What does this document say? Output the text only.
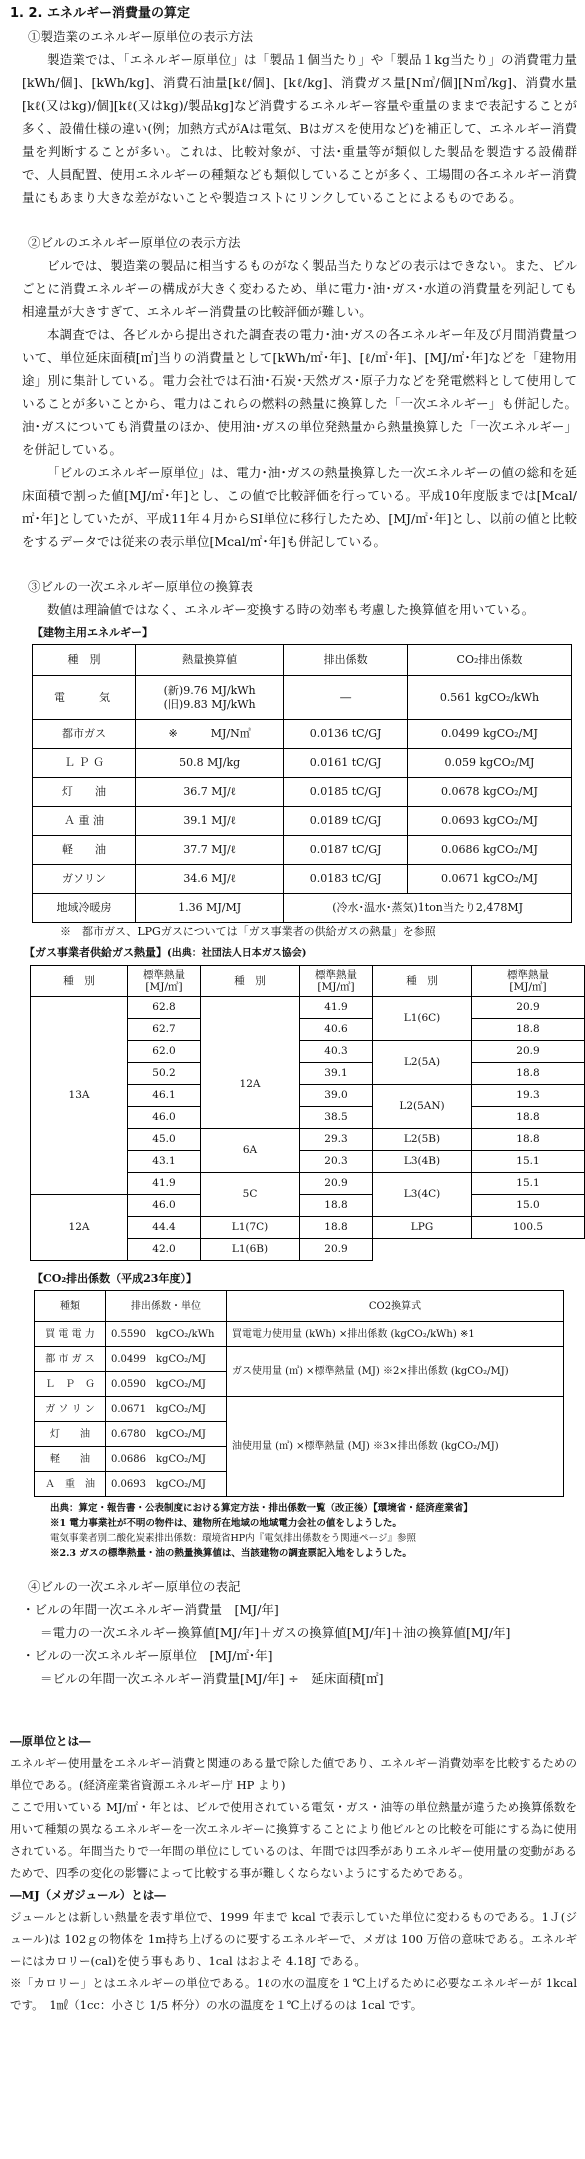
1. 2. エネルギー消費量の算定

①製造業のエネルギー原単位の表示方法

製造業では、「エネルギー原単位」は「製品１個当たり」や「製品１kg当たり」の消費電力量[kWh/個]、[kWh/kg]、消費石油量[kℓ/個]、[kℓ/kg]、消費ガス量[N㎥/個][N㎥/kg]、消費水量[kℓ(又はkg)/個][kℓ(又はkg)/製品kg]など消費するエネルギー容量や重量のままで表記することが多く、設備仕様の違い(例；加熱方式がAは電気、Bはガスを使用など)を補正して、エネルギー消費量を判断することが多い。これは、比較対象が、寸法･重量等が類似した製品を製造する設備群で、人員配置、使用エネルギーの種類なども類似していることが多く、工場間の各エネルギー消費量にもあまり大きな差がないことや製造コストにリンクしていることによるものである。

②ビルのエネルギー原単位の表示方法

ビルでは、製造業の製品に相当するものがなく製品当たりなどの表示はできない。また、ビルごとに消費エネルギーの構成が大きく変わるため、単に電力･油･ガス･水道の消費量を列記しても相違量が大きすぎて、エネルギー消費量の比較評価が難しい。

本調査では、各ビルから提出された調査表の電力･油･ガスの各エネルギー年及び月間消費量ついて、単位延床面積[㎡]当りの消費量として[kWh/㎡･年]、[ℓ/㎡･年]、[MJ/㎡･年]などを「建物用途」別に集計している。電力会社では石油･石炭･天然ガス･原子力などを発電燃料として使用していることが多いことから、電力はこれらの燃料の熱量に換算した「一次エネルギー」も併記した。油･ガスについても消費量のほか、使用油･ガスの単位発熱量から熱量換算した「一次エネルギー」を併記している。

「ビルのエネルギー原単位」は、電力･油･ガスの熱量換算した一次エネルギーの値の総和を延床面積で割った値[MJ/㎡･年]とし、この値で比較評価を行っている。平成10年度版までは[Mcal/㎡･年]としていたが、平成11年４月からSI単位に移行したため、[MJ/㎡･年]とし、以前の値と比較をするデータでは従来の表示単位[Mcal/㎡･年]も併記している。

③ビルの一次エネルギー原単位の換算表

数値は理論値ではなく、エネルギー変換する時の効率も考慮した換算値を用いている。

【建物主用エネルギー】

種　別	熱量換算値	排出係数	CO₂排出係数
電　　気	(新)9.76 MJ/kWh
(旧)9.83 MJ/kWh	―	0.561 kgCO₂/kWh
都市ガス	※　　　MJ/N㎥	0.0136 tC/GJ	0.0499 kgCO₂/MJ
Ｌ Ｐ Ｇ	50.8 MJ/kg	0.0161 tC/GJ	0.059 kgCO₂/MJ
灯　　油	36.7 MJ/ℓ	0.0185 tC/GJ	0.0678 kgCO₂/MJ
Ａ 重 油	39.1 MJ/ℓ	0.0189 tC/GJ	0.0693 kgCO₂/MJ
軽　　油	37.7 MJ/ℓ	0.0187 tC/GJ	0.0686 kgCO₂/MJ
ガソリン	34.6 MJ/ℓ	0.0183 tC/GJ	0.0671 kgCO₂/MJ
地域冷暖房	1.36 MJ/MJ	(冷水･温水･蒸気)1ton当たり2,478MJ	

※　都市ガス、LPGガスについては「ガス事業者の供給ガスの熱量」を参照

【ガス事業者供給ガス熱量】(出典：社団法人日本ガス協会)

種　別	標準熱量
[MJ/㎥]	種　別	標準熱量
[MJ/㎥]	種　別	標準熱量
[MJ/㎥]
13A	62.8		41.9	L1(6C)	20.9
	62.7		40.6		18.8
	62.0	12A	40.3	L2(5A)	20.9
	50.2		39.1		18.8
	46.1		39.0	L2(5AN)	19.3
	46.0		38.5		18.8
	45.0	6A	29.3	L2(5B)	18.8
	43.1		20.3	L3(4B)	15.1
	41.9	5C	20.9	L3(4C)	15.1
12A	46.0		18.8		15.0
	44.4	L1(7C)	18.8	LPG	100.5
	42.0	L1(6B)	20.9		

【CO₂排出係数（平成23年度）】

種類	排出係数・単位	CO2換算式
買 電 電 力	0.5590　kgCO₂/kWh	買電電力使用量 (kWh) ×排出係数 (kgCO₂/kWh) ※1
都 市 ガ ス	0.0499　kgCO₂/MJ	ガス使用量 (㎥) ×標準熱量 (MJ) ※2×排出係数 (kgCO₂/MJ)
Ｌ　Ｐ　Ｇ	0.0590　kgCO₂/MJ	
ガ ソ リ ン	0.0671　kgCO₂/MJ	油使用量 (㎥) ×標準熱量 (MJ) ※3×排出係数 (kgCO₂/MJ)
灯　　油	0.6780　kgCO₂/MJ	
軽　　油	0.0686　kgCO₂/MJ	
Ａ　重　油	0.0693　kgCO₂/MJ	

出典：算定・報告書・公表制度における算定方法・排出係数一覧（改正後）【環境省・経済産業省】

※1 電力事業社が不明の物件は、建物所在地域の地域電力会社の値をしようした。

電気事業者別二酸化炭素排出係数：環境省HP内『電気排出係数をう関連ページ』参照

※2.3 ガスの標準熱量・油の熱量換算値は、当該建物の調査票記入地をしようした。

④ビルの一次エネルギー原単位の表記

・ビルの年間一次エネルギー消費量　[MJ/年]

＝電力の一次エネルギー換算値[MJ/年]＋ガスの換算値[MJ/年]＋油の換算値[MJ/年]

・ビルの一次エネルギー原単位　[MJ/㎡･年]

＝ビルの年間一次エネルギー消費量[MJ/年] ÷　延床面積[㎡]

―原単位とは―

エネルギー使用量をエネルギー消費と関連のある量で除した値であり、エネルギー消費効率を比較するための単位である。(経済産業省資源エネルギー庁 HP より)

ここで用いている MJ/㎡・年とは、ビルで使用されている電気・ガス・油等の単位熱量が違うため換算係数を用いて種類の異なるエネルギーを一次エネルギーに換算することにより他ビルとの比較を可能にする為に使用されている。年間当たりで一年間の単位にしているのは、年間では四季がありエネルギー使用量の変動があるためで、四季の変化の影響によって比較する事が難しくならないようにするためである。

―MJ（メガジュール）とは―

ジュールとは新しい熱量を表す単位で、1999 年まで kcal で表示していた単位に変わるものである。1Ｊ(ジュール)は 102ｇの物体を 1m持ち上げるのに要するエネルギーで、メガは 100 万倍の意味である。エネルギーにはカロリー(cal)を使う事もあり、1cal はおよそ 4.18J である。

※「カロリー」とはエネルギーの単位である。1ℓの水の温度を１℃上げるために必要なエネルギーが 1kcal です。　1㎖（1cc：小さじ 1/5 杯分）の水の温度を１℃上げるのは 1cal です。
